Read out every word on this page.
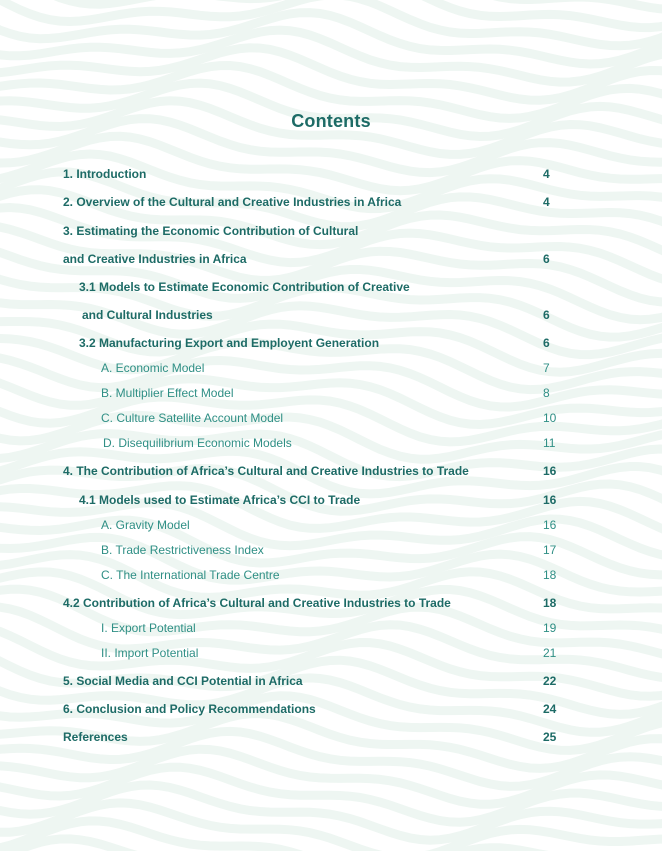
Contents
1. Introduction	4
2. Overview of the Cultural and Creative Industries in Africa	4
3. Estimating the Economic Contribution of Cultural
and Creative Industries in Africa	6
3.1 Models to Estimate Economic Contribution of Creative
and Cultural Industries	6
3.2 Manufacturing Export and Employent Generation	6
A. Economic Model	7
B. Multiplier Effect Model	8
C. Culture Satellite Account Model	10
D. Disequilibrium Economic Models	11
4. The Contribution of Africa’s Cultural and Creative Industries to Trade	16
4.1 Models used to Estimate Africa’s CCI to Trade	16
A. Gravity Model	16
B. Trade Restrictiveness Index	17
C. The International Trade Centre	18
4.2 Contribution of Africa’s Cultural and Creative Industries to Trade	18
I. Export Potential	19
II. Import Potential	21
5. Social Media and CCI Potential in Africa	22
6. Conclusion and Policy Recommendations	24
References	25
